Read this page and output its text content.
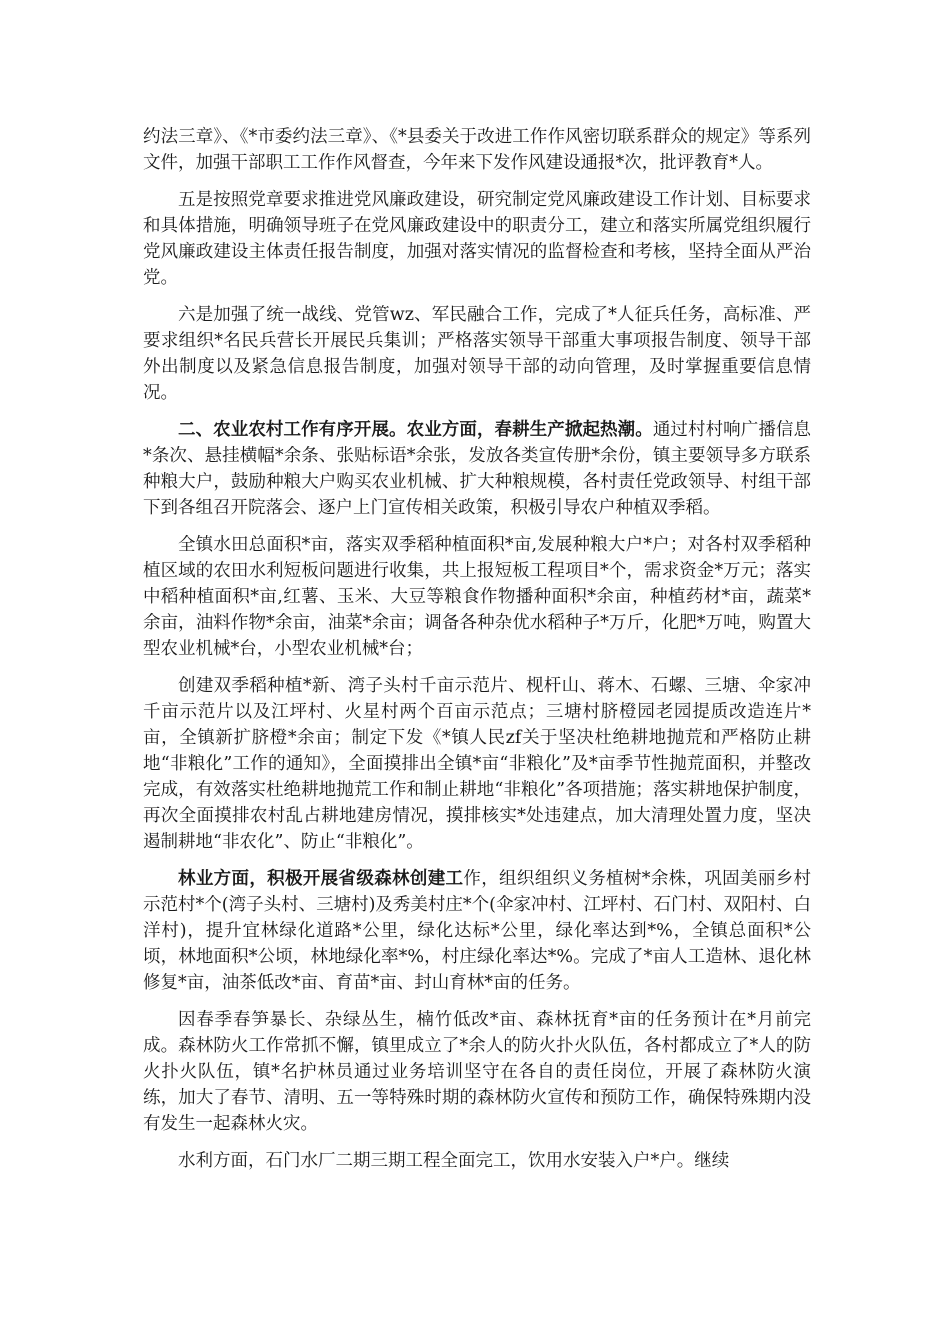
约法三章》、《*市委约法三章》、《*县委关于改进工作作风密切联系群众的规定》等系列文件，加强干部职工工作作风督查，今年来下发作风建设通报*次，批评教育*人。

五是按照党章要求推进党风廉政建设，研究制定党风廉政建设工作计划、目标要求和具体措施，明确领导班子在党风廉政建设中的职责分工，建立和落实所属党组织履行党风廉政建设主体责任报告制度，加强对落实情况的监督检查和考核，坚持全面从严治党。

六是加强了统一战线、党管wz、军民融合工作，完成了*人征兵任务，高标准、严要求组织*名民兵营长开展民兵集训；严格落实领导干部重大事项报告制度、领导干部外出制度以及紧急信息报告制度，加强对领导干部的动向管理，及时掌握重要信息情况。

二、农业农村工作有序开展。农业方面，春耕生产掀起热潮。通过村村响广播信息*条次、悬挂横幅*余条、张贴标语*余张，发放各类宣传册*余份，镇主要领导多方联系种粮大户，鼓励种粮大户购买农业机械、扩大种粮规模，各村责任党政领导、村组干部下到各组召开院落会、逐户上门宣传相关政策，积极引导农户种植双季稻。

全镇水田总面积*亩，落实双季稻种植面积*亩,发展种粮大户*户；对各村双季稻种植区域的农田水利短板问题进行收集，共上报短板工程项目*个，需求资金*万元；落实中稻种植面积*亩,红薯、玉米、大豆等粮食作物播种面积*余亩，种植药材*亩，蔬菜*余亩，油料作物*余亩，油菜*余亩；调备各种杂优水稻种子*万斤，化肥*万吨，购置大型农业机械*台，小型农业机械*台；

创建双季稻种植*新、湾子头村千亩示范片、枧杆山、蒋木、石螺、三塘、伞家冲千亩示范片以及江坪村、火星村两个百亩示范点；三塘村脐橙园老园提质改造连片*亩，全镇新扩脐橙*余亩；制定下发《*镇人民zf关于坚决杜绝耕地抛荒和严格防止耕地“非粮化”工作的通知》，全面摸排出全镇*亩“非粮化”及*亩季节性抛荒面积，并整改完成，有效落实杜绝耕地抛荒工作和制止耕地“非粮化”各项措施；落实耕地保护制度，再次全面摸排农村乱占耕地建房情况，摸排核实*处违建点，加大清理处置力度，坚决遏制耕地“非农化”、防止“非粮化”。

林业方面，积极开展省级森林创建工作，组织组织义务植树*余株，巩固美丽乡村示范村*个(湾子头村、三塘村)及秀美村庄*个(伞家冲村、江坪村、石门村、双阳村、白洋村)，提升宜林绿化道路*公里，绿化达标*公里，绿化率达到*%，全镇总面积*公顷，林地面积*公顷，林地绿化率*%，村庄绿化率达*%。完成了*亩人工造林、退化林修复*亩，油茶低改*亩、育苗*亩、封山育林*亩的任务。

因春季春笋暴长、杂绿丛生，楠竹低改*亩、森林抚育*亩的任务预计在*月前完成。森林防火工作常抓不懈，镇里成立了*余人的防火扑火队伍，各村都成立了*人的防火扑火队伍，镇*名护林员通过业务培训坚守在各自的责任岗位，开展了森林防火演练，加大了春节、清明、五一等特殊时期的森林防火宣传和预防工作，确保特殊期内没有发生一起森林火灾。

水利方面，石门水厂二期三期工程全面完工，饮用水安装入户*户。继续
